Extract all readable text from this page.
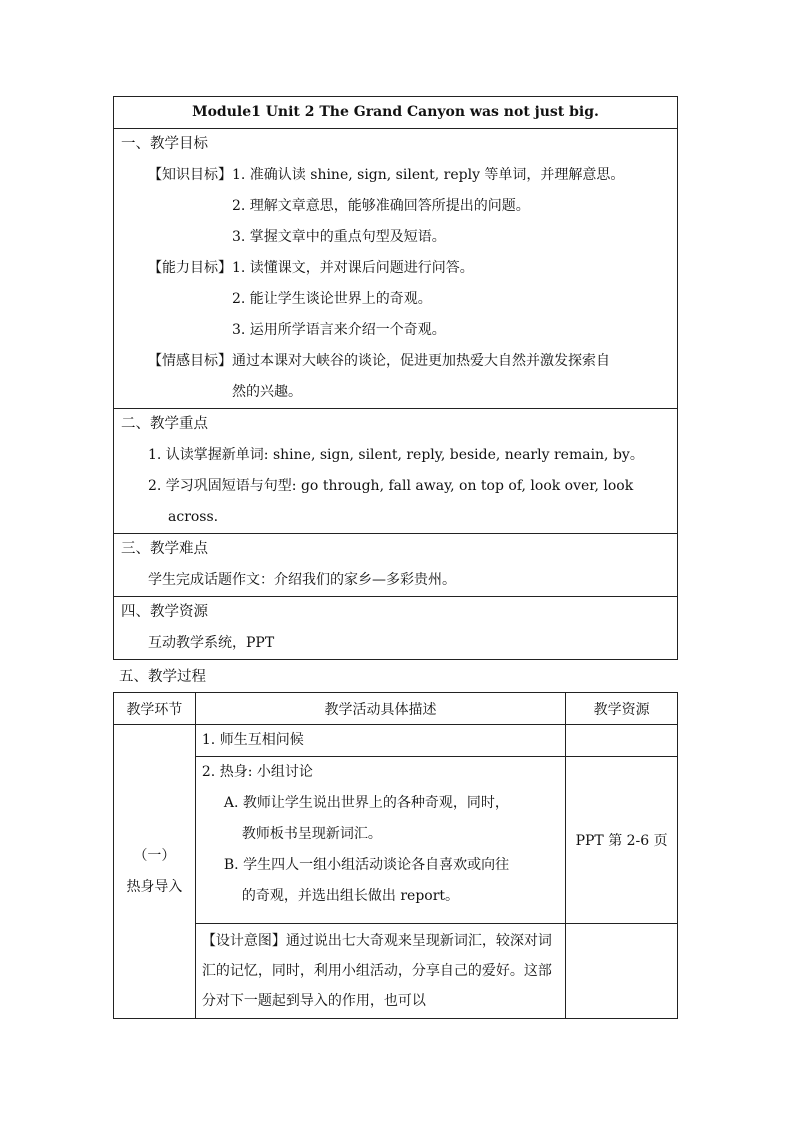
Module1 Unit 2 The Grand Canyon was not just big.

一、教学目标
【知识目标】 1. 准确认读 shine, sign, silent, reply 等单词，并理解意思。
2. 理解文章意思，能够准确回答所提出的问题。
3. 掌握文章中的重点句型及短语。
【能力目标】 1. 读懂课文，并对课后问题进行问答。
2. 能让学生谈论世界上的奇观。
3. 运用所学语言来介绍一个奇观。
【情感目标】 通过本课对大峡谷的谈论，促进更加热爱大自然并激发探索自
然的兴趣。

二、教学重点
1. 认读掌握新单词: shine, sign, silent, reply, beside, nearly remain, by。
2. 学习巩固短语与句型: go through, fall away, on top of, look over, look
across.

三、教学难点
学生完成话题作文：介绍我们的家乡—多彩贵州。

四、教学资源
互动教学系统，PPT
五、教学过程
教学环节	教学活动具体描述	教学资源

（一）
热身导入	1. 师生互相问候	

	2. 热身: 小组讨论
A. 教师让学生说出世界上的各种奇观，同时，
教师板书呈现新词汇。
B. 学生四人一组小组活动谈论各自喜欢或向往
的奇观，并选出组长做出 report。	PPT 第 2-6 页
	【设计意图】通过说出七大奇观来呈现新词汇，较深对词汇的记忆，同时，利用小组活动，分享自己的爱好。这部分对下一题起到导入的作用，也可以	
